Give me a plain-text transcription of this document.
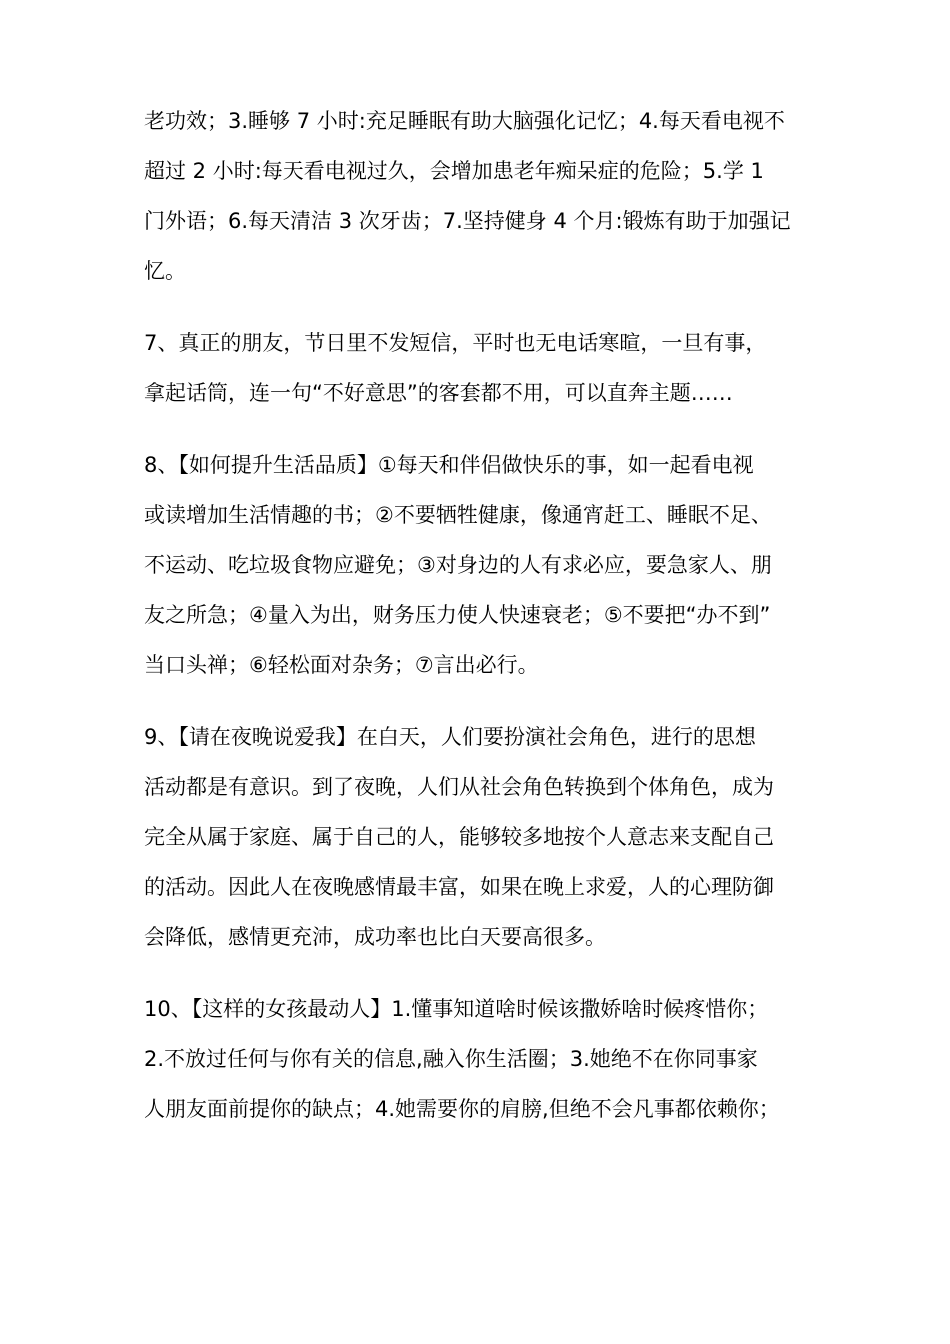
老功效；3.睡够 7 小时:充足睡眠有助大脑强化记忆；4.每天看电视不
超过 2 小时:每天看电视过久，会增加患老年痴呆症的危险；5.学 1
门外语；6.每天清洁 3 次牙齿；7.坚持健身 4 个月:锻炼有助于加强记
忆。

7、真正的朋友，节日里不发短信，平时也无电话寒暄，一旦有事，
拿起话筒，连一句“不好意思”的客套都不用，可以直奔主题……

8、【如何提升生活品质】①每天和伴侣做快乐的事，如一起看电视
或读增加生活情趣的书；②不要牺牲健康，像通宵赶工、睡眠不足、
不运动、吃垃圾食物应避免；③对身边的人有求必应，要急家人、朋
友之所急；④量入为出，财务压力使人快速衰老；⑤不要把“办不到”
当口头禅；⑥轻松面对杂务；⑦言出必行。

9、【请在夜晚说爱我】在白天，人们要扮演社会角色，进行的思想
活动都是有意识。到了夜晚，人们从社会角色转换到个体角色，成为
完全从属于家庭、属于自己的人，能够较多地按个人意志来支配自己
的活动。因此人在夜晚感情最丰富，如果在晚上求爱，人的心理防御
会降低，感情更充沛，成功率也比白天要高很多。

10、【这样的女孩最动人】1.懂事知道啥时候该撒娇啥时候疼惜你；
2.不放过任何与你有关的信息,融入你生活圈；3.她绝不在你同事家
人朋友面前提你的缺点；4.她需要你的肩膀,但绝不会凡事都依赖你；
